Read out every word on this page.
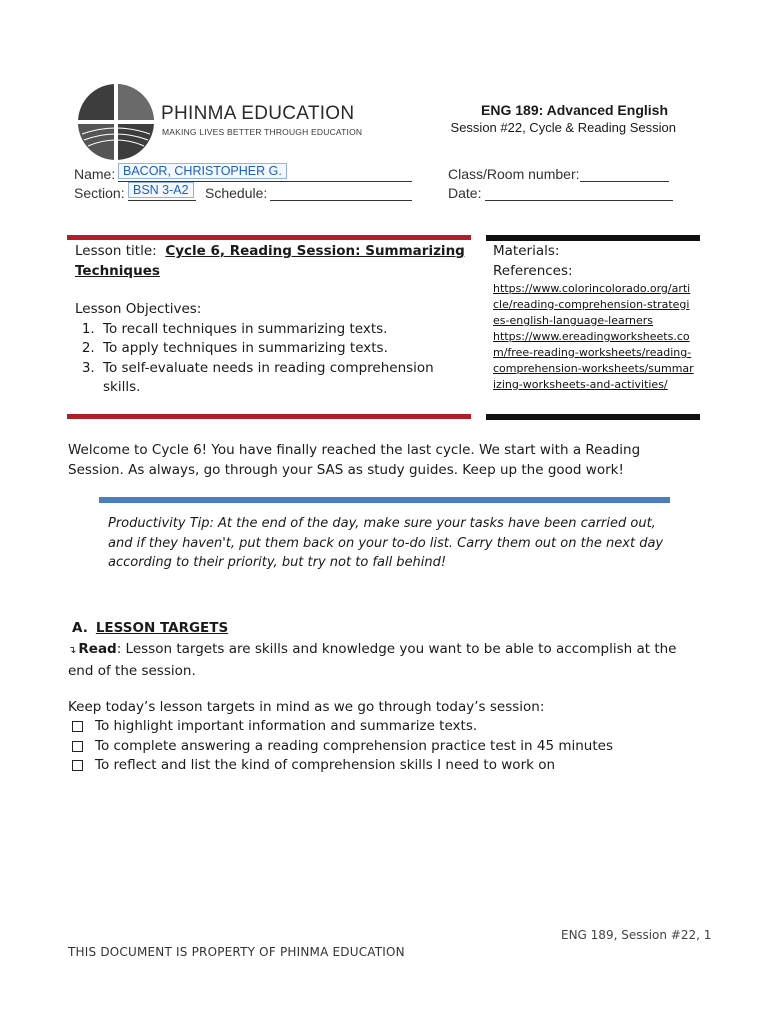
PHINMA EDUCATION
MAKING LIVES BETTER THROUGH EDUCATION
ENG 189: Advanced English
Session #22, Cycle & Reading Session
Name: BACOR, CHRISTOPHER G.
Section: BSN 3-A2	Schedule:
Class/Room number:
Date:
Lesson title: Cycle 6, Reading Session: Summarizing
Techniques
Lesson Objectives:
1. To recall techniques in summarizing texts.
2. To apply techniques in summarizing texts.
3. To self-evaluate needs in reading comprehension skills.
Materials:
References:
https://www.colorincolorado.org/article/reading-comprehension-strategies-english-language-learners
https://www.ereadingworksheets.com/free-reading-worksheets/reading-comprehension-worksheets/summarizing-worksheets-and-activities/
Welcome to Cycle 6! You have finally reached the last cycle. We start with a Reading Session. As always, go through your SAS as study guides. Keep up the good work!
Productivity Tip: At the end of the day, make sure your tasks have been carried out, and if they haven't, put them back on your to-do list. Carry them out on the next day according to their priority, but try not to fall behind!
A. LESSON TARGETS
↴ Read: Lesson targets are skills and knowledge you want to be able to accomplish at the end of the session.
Keep today’s lesson targets in mind as we go through today’s session:
To highlight important information and summarize texts.
To complete answering a reading comprehension practice test in 45 minutes
To reflect and list the kind of comprehension skills I need to work on
ENG 189, Session #22, 1
THIS DOCUMENT IS PROPERTY OF PHINMA EDUCATION
